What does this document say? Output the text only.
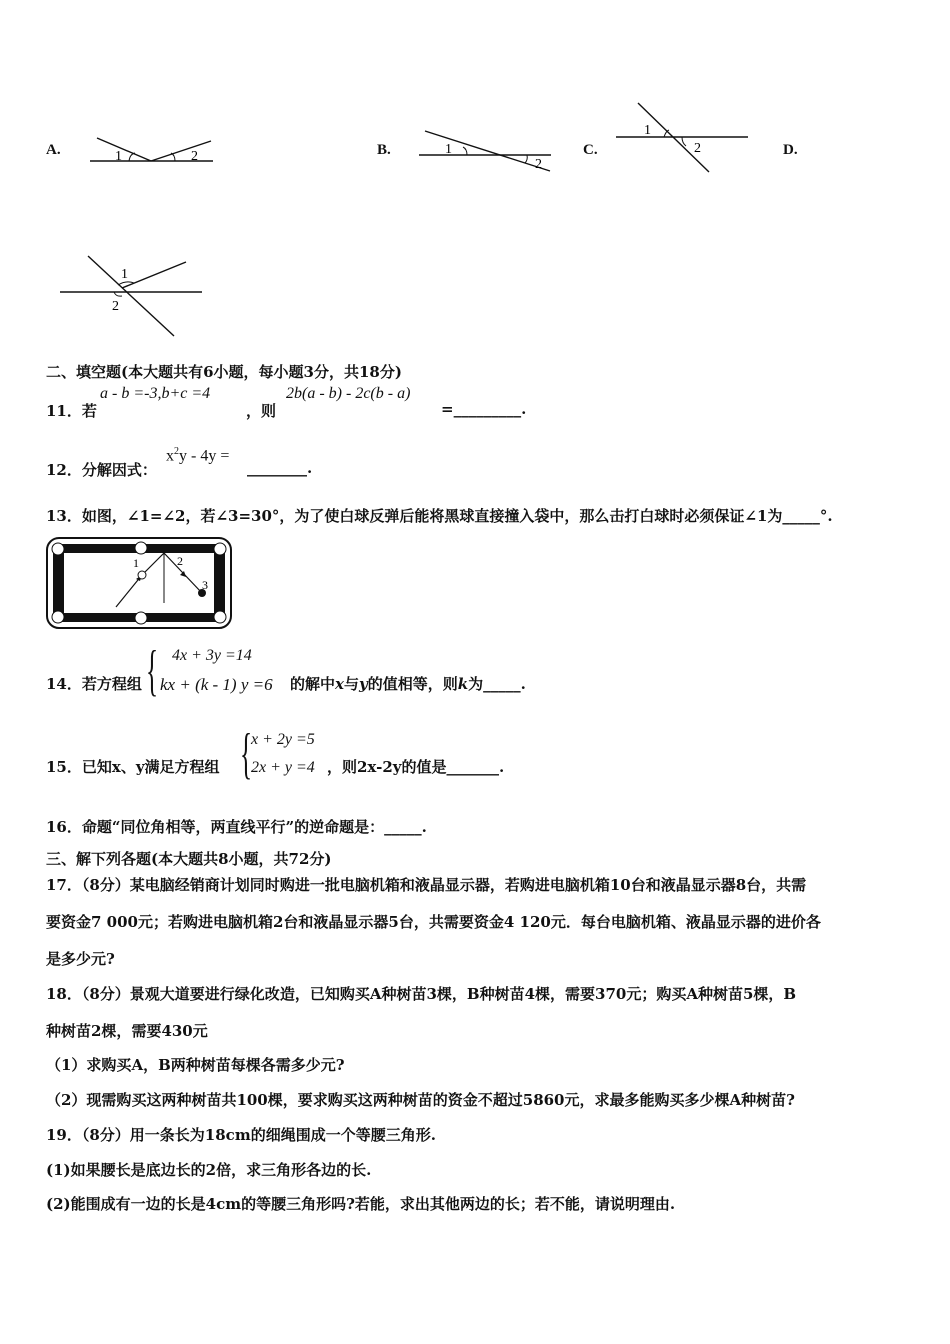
A.	1	2	B.	1
2
C.
1
2	D.
1
2
二、填空题(本大题共有6小题，每小题3分，共18分)
11．若
a - b =-3,b+c =4
，则
2b(a - b) - 2c(b - a)
=_________.
12．分解因式：
$x^2y - 4y$ =
________.
13．如图，∠1=∠2，若∠3=30°，为了使白球反弹后能将黑球直接撞入袋中，那么击打白球时必须保证∠1为_____°.
1	2
3
14．若方程组 { 4x + 3y =14
kx + (k - 1) y =6 的解中x与y的值相等，则k为_____.
15．已知x、y满足方程组 {
x + 2y =5
2x + y =4 ，则2x-2y的值是_______.
16．命题“同位角相等，两直线平行”的逆命题是：_____.
三、解下列各题(本大题共8小题，共72分)
17．（8分）某电脑经销商计划同时购进一批电脑机箱和液晶显示器，若购进电脑机箱10台和液晶显示器8台，共需
要资金7 000元；若购进电脑机箱2台和液晶显示器5台，共需要资金4 120元．每台电脑机箱、液晶显示器的进价各
是多少元?
18．（8分）景观大道要进行绿化改造，已知购买A种树苗3棵，B种树苗4棵，需要370元；购买A种树苗5棵，B
种树苗2棵，需要430元
（1）求购买A，B两种树苗每棵各需多少元?
（2）现需购买这两种树苗共100棵，要求购买这两种树苗的资金不超过5860元，求最多能购买多少棵A种树苗?
19．（8分）用一条长为18cm的细绳围成一个等腰三角形.
(1)如果腰长是底边长的2倍，求三角形各边的长.
(2)能围成有一边的长是4cm的等腰三角形吗?若能，求出其他两边的长；若不能，请说明理由.
